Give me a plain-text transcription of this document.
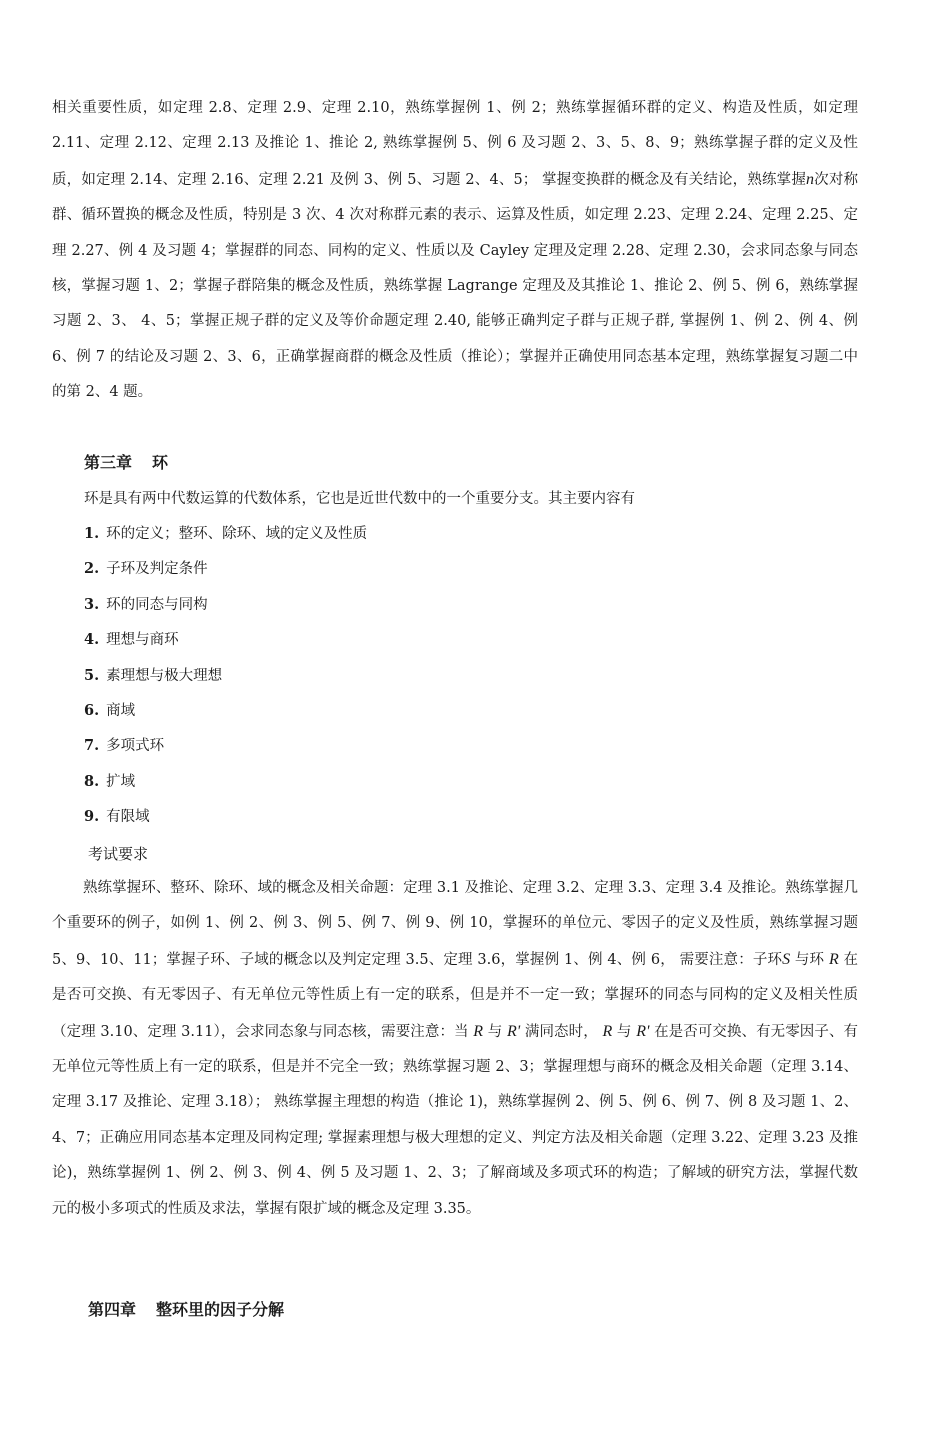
相关重要性质，如定理 2.8、定理 2.9、定理 2.10，熟练掌握例 1、例 2；熟练掌握循环群的定义、构造及性质，如定理 2.11、定理 2.12、定理 2.13 及推论 1、推论 2, 熟练掌握例 5、例 6 及习题 2、3、5、8、9；熟练掌握子群的定义及性质，如定理 2.14、定理 2.16、定理 2.21 及例 3、例 5、习题 2、4、5； 掌握变换群的概念及有关结论，熟练掌握n次对称群、循环置换的概念及性质，特别是 3 次、4 次对称群元素的表示、运算及性质，如定理 2.23、定理 2.24、定理 2.25、定理 2.27、例 4 及习题 4；掌握群的同态、同构的定义、性质以及 Cayley 定理及定理 2.28、定理 2.30，会求同态象与同态核，掌握习题 1、2；掌握子群陪集的概念及性质，熟练掌握 Lagrange 定理及及其推论 1、推论 2、例 5、例 6，熟练掌握习题 2、3、 4、5；掌握正规子群的定义及等价命题定理 2.40, 能够正确判定子群与正规子群, 掌握例 1、例 2、例 4、例 6、例 7 的结论及习题 2、3、6，正确掌握商群的概念及性质（推论）；掌握并正确使用同态基本定理，熟练掌握复习题二中的第 2、4 题。

第三章 环

环是具有两中代数运算的代数体系，它也是近世代数中的一个重要分支。其主要内容有

1. 环的定义；整环、除环、域的定义及性质
2. 子环及判定条件
3. 环的同态与同构
4. 理想与商环
5. 素理想与极大理想
6. 商域
7. 多项式环
8. 扩域
9. 有限域

考试要求

熟练掌握环、整环、除环、域的概念及相关命题：定理 3.1 及推论、定理 3.2、定理 3.3、定理 3.4 及推论。熟练掌握几个重要环的例子，如例 1、例 2、例 3、例 5、例 7、例 9、例 10，掌握环的单位元、零因子的定义及性质，熟练掌握习题 5、9、10、11；掌握子环、子域的概念以及判定定理 3.5、定理 3.6，掌握例 1、例 4、例 6， 需要注意：子环S 与环 R 在是否可交换、有无零因子、有无单位元等性质上有一定的联系，但是并不一定一致；掌握环的同态与同构的定义及相关性质（定理 3.10、定理 3.11），会求同态象与同态核，需要注意：当 R 与 R' 满同态时， R 与 R' 在是否可交换、有无零因子、有无单位元等性质上有一定的联系，但是并不完全一致；熟练掌握习题 2、3；掌握理想与商环的概念及相关命题（定理 3.14、定理 3.17 及推论、定理 3.18）； 熟练掌握主理想的构造（推论 1)，熟练掌握例 2、例 5、例 6、例 7、例 8 及习题 1、2、4、7；正确应用同态基本定理及同构定理; 掌握素理想与极大理想的定义、判定方法及相关命题（定理 3.22、定理 3.23 及推论)，熟练掌握例 1、例 2、例 3、例 4、例 5 及习题 1、2、3；了解商域及多项式环的构造；了解域的研究方法，掌握代数元的极小多项式的性质及求法，掌握有限扩域的概念及定理 3.35。

第四章 整环里的因子分解
